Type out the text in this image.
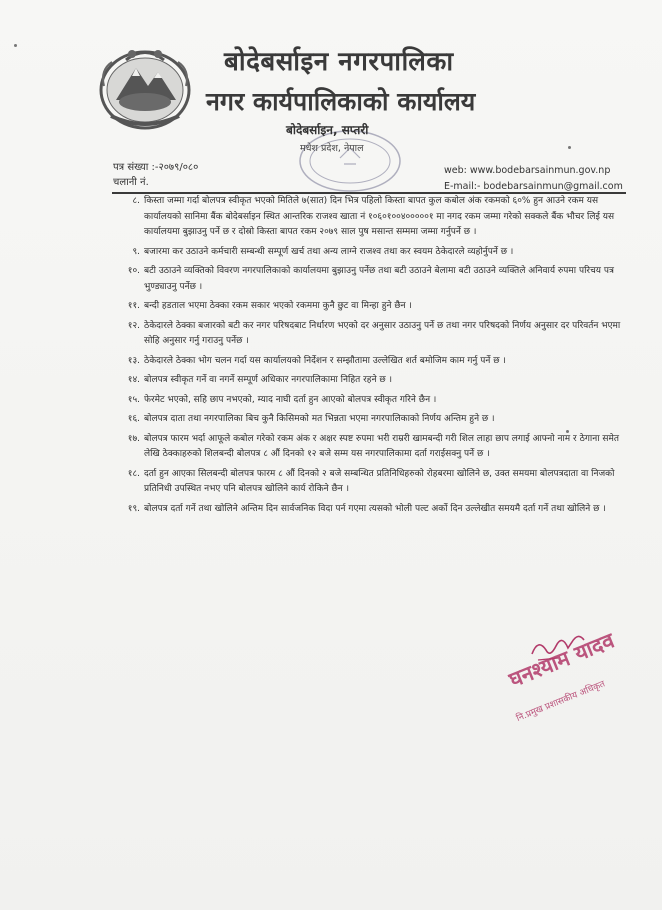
बोदेबर्साइन नगरपालिका
नगर कार्यपालिकाको कार्यालय
बोदेबर्साइन, सप्तरी
मधेश प्रदेश, नेपाल
पत्र संख्या :-२०७९/०८०
चलानी नं.
web: www.bodebarsainmun.gov.np
E-mail:- bodebarsainmun@gmail.com
८. किस्ता जम्मा गर्दा बोलपत्र स्वीकृत भएको मितिले ७(सात) दिन भित्र पहिलो किस्ता बापत कुल कबोल अंक रकमको ६०% हुन आउने रकम यस कार्यालयको सानिमा बैंक बोदेबर्साइन स्थित आन्तरिक राजश्व खाता नं १०६०१००४०००००१ मा नगद रकम जम्मा गरेको सक्कले बैंक भौचर लिई यस कार्यालयमा बुझाउनु पर्ने छ र दोस्रो किस्ता बापत रकम २०७९ साल पुष मसान्त सम्ममा जम्मा गर्नुपर्ने छ ।
९. बजारमा कर उठाउने कर्मचारी सम्बन्धी सम्पूर्ण खर्च तथा अन्य लाग्ने राजश्व तथा कर स्वयम ठेकेदारले व्यहोर्नुपर्ने छ ।
१०. बटी उठाउने व्यक्तिको विवरण नगरपालिकाको कार्यालयमा बुझाउनु पर्नेछ तथा बटी उठाउने बेलामा बटी उठाउने व्यक्तिले अनिवार्य रुपमा परिचय पत्र भुण्ड्याउनु पर्नेछ ।
११. बन्दी हडताल भएमा ठेक्का रकम सकार भएको रकममा कुनै छुट वा मिन्हा हुने छैन ।
१२. ठेकेदारले ठेक्का बजारको बटी कर नगर परिषदबाट निर्धारण भएको दर अनुसार उठाउनु पर्ने छ तथा नगर परिषदको निर्णय अनुसार दर परिवर्तन भएमा सोहि अनुसार गर्नु गराउनु पर्नेछ ।
१३. ठेकेदारले ठेक्का भोग चलन गर्दा यस कार्यालयको निर्देशन र सम्झौतामा उल्लेखित शर्त बमोजिम काम गर्नु पर्ने छ ।
१४. बोलपत्र स्वीकृत गर्ने वा नगर्ने सम्पूर्ण अधिकार नगरपालिकामा निहित रहने छ ।
१५. फेरमेट भएको, सहि छाप नभएको, म्याद नाघी दर्ता हुन आएको बोलपत्र स्वीकृत गरिने छैन ।
१६. बोलपत्र दाता तथा नगरपालिका बिच कुनै किसिमको मत भिन्नता भएमा नगरपालिकाको निर्णय अन्तिम हुने छ ।
१७. बोलपत्र फारम भर्दा आफूले कबोल गरेको रकम अंक र अक्षर स्पष्ट रुपमा भरी राम्ररी खामबन्दी गरी शिल लाहा छाप लगाई आफ्नो नाम र ठेगाना समेत लेखि ठेक्काहरुको शिलबन्दी बोलपत्र ८ औं दिनको १२ बजे सम्म यस नगरपालिकामा दर्ता गराईसक्नु पर्ने छ ।
१८. दर्ता हुन आएका सिलबन्दी बोलपत्र फारम ८ औं दिनको २ बजे सम्बन्धित प्रतिनिधिहरुको रोहबरमा खोलिने छ, उक्त समयमा बोलपत्रदाता वा निजको प्रतिनिधी उपस्थित नभए पनि बोलपत्र खोलिने कार्य रोकिने छैन ।
१९. बोलपत्र दर्ता गर्ने तथा खोलिने अन्तिम दिन सार्वजनिक विदा पर्न गएमा त्यसको भोली पल्ट अर्को दिन उल्लेखीत समयमै दर्ता गर्ने तथा खोलिने छ ।
घनश्याम यादव
नि.प्रमुख प्रशासकीय अधिकृत
